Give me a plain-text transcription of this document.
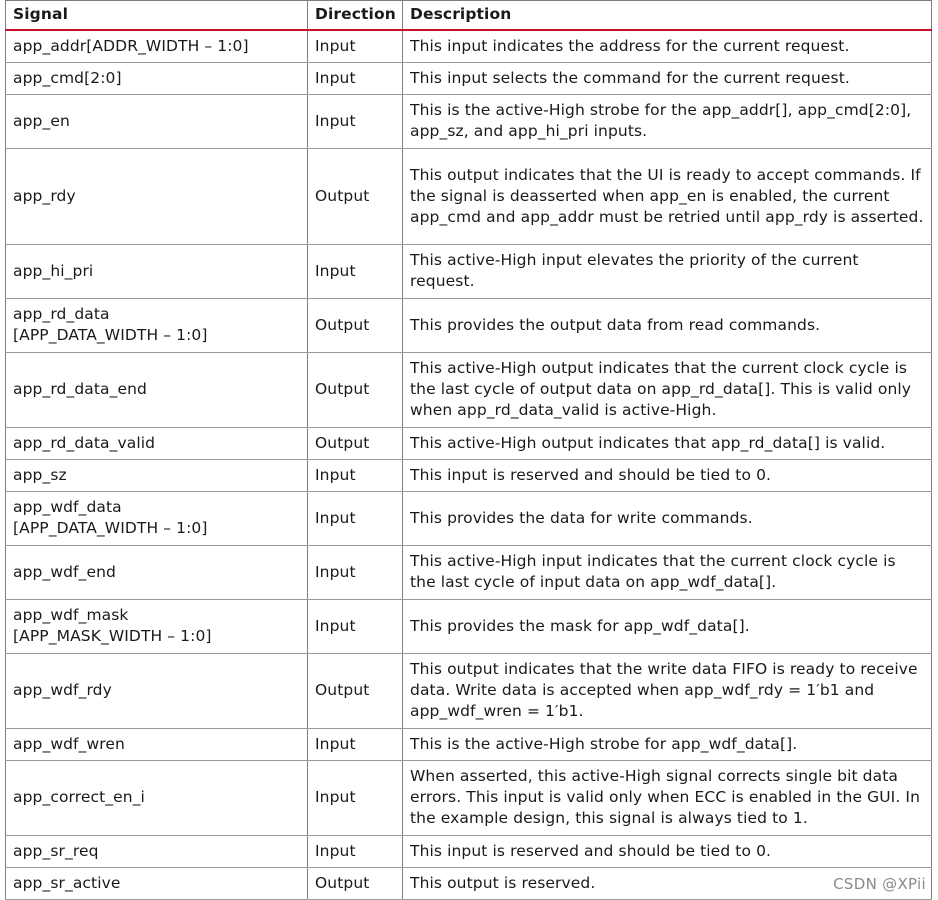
Signal	Direction	Description

app_addr[ADDR_WIDTH – 1:0]	Input	This input indicates the address for the current request.

app_cmd[2:0]	Input	This input selects the command for the current request.

app_en	Input	This is the active-High strobe for the app_addr[], app_cmd[2:0], app_sz, and app_hi_pri inputs.

app_rdy	Output	This output indicates that the UI is ready to accept commands. If the signal is deasserted when app_en is enabled, the current app_cmd and app_addr must be retried until app_rdy is asserted.

app_hi_pri	Input	This active-High input elevates the priority of the current request.

app_rd_data
[APP_DATA_WIDTH – 1:0]	Output	This provides the output data from read commands.

app_rd_data_end	Output	This active-High output indicates that the current clock cycle is the last cycle of output data on app_rd_data[]. This is valid only when app_rd_data_valid is active-High.

app_rd_data_valid	Output	This active-High output indicates that app_rd_data[] is valid.

app_sz	Input	This input is reserved and should be tied to 0.

app_wdf_data
[APP_DATA_WIDTH – 1:0]	Input	This provides the data for write commands.

app_wdf_end	Input	This active-High input indicates that the current clock cycle is the last cycle of input data on app_wdf_data[].

app_wdf_mask
[APP_MASK_WIDTH – 1:0]	Input	This provides the mask for app_wdf_data[].

app_wdf_rdy	Output	This output indicates that the write data FIFO is ready to receive data. Write data is accepted when app_wdf_rdy = 1′b1 and app_wdf_wren = 1′b1.

app_wdf_wren	Input	This is the active-High strobe for app_wdf_data[].

app_correct_en_i	Input	When asserted, this active-High signal corrects single bit data errors. This input is valid only when ECC is enabled in the GUI. In the example design, this signal is always tied to 1.

app_sr_req	Input	This input is reserved and should be tied to 0.

app_sr_active	Output	This output is reserved.	CSDN @XPii
